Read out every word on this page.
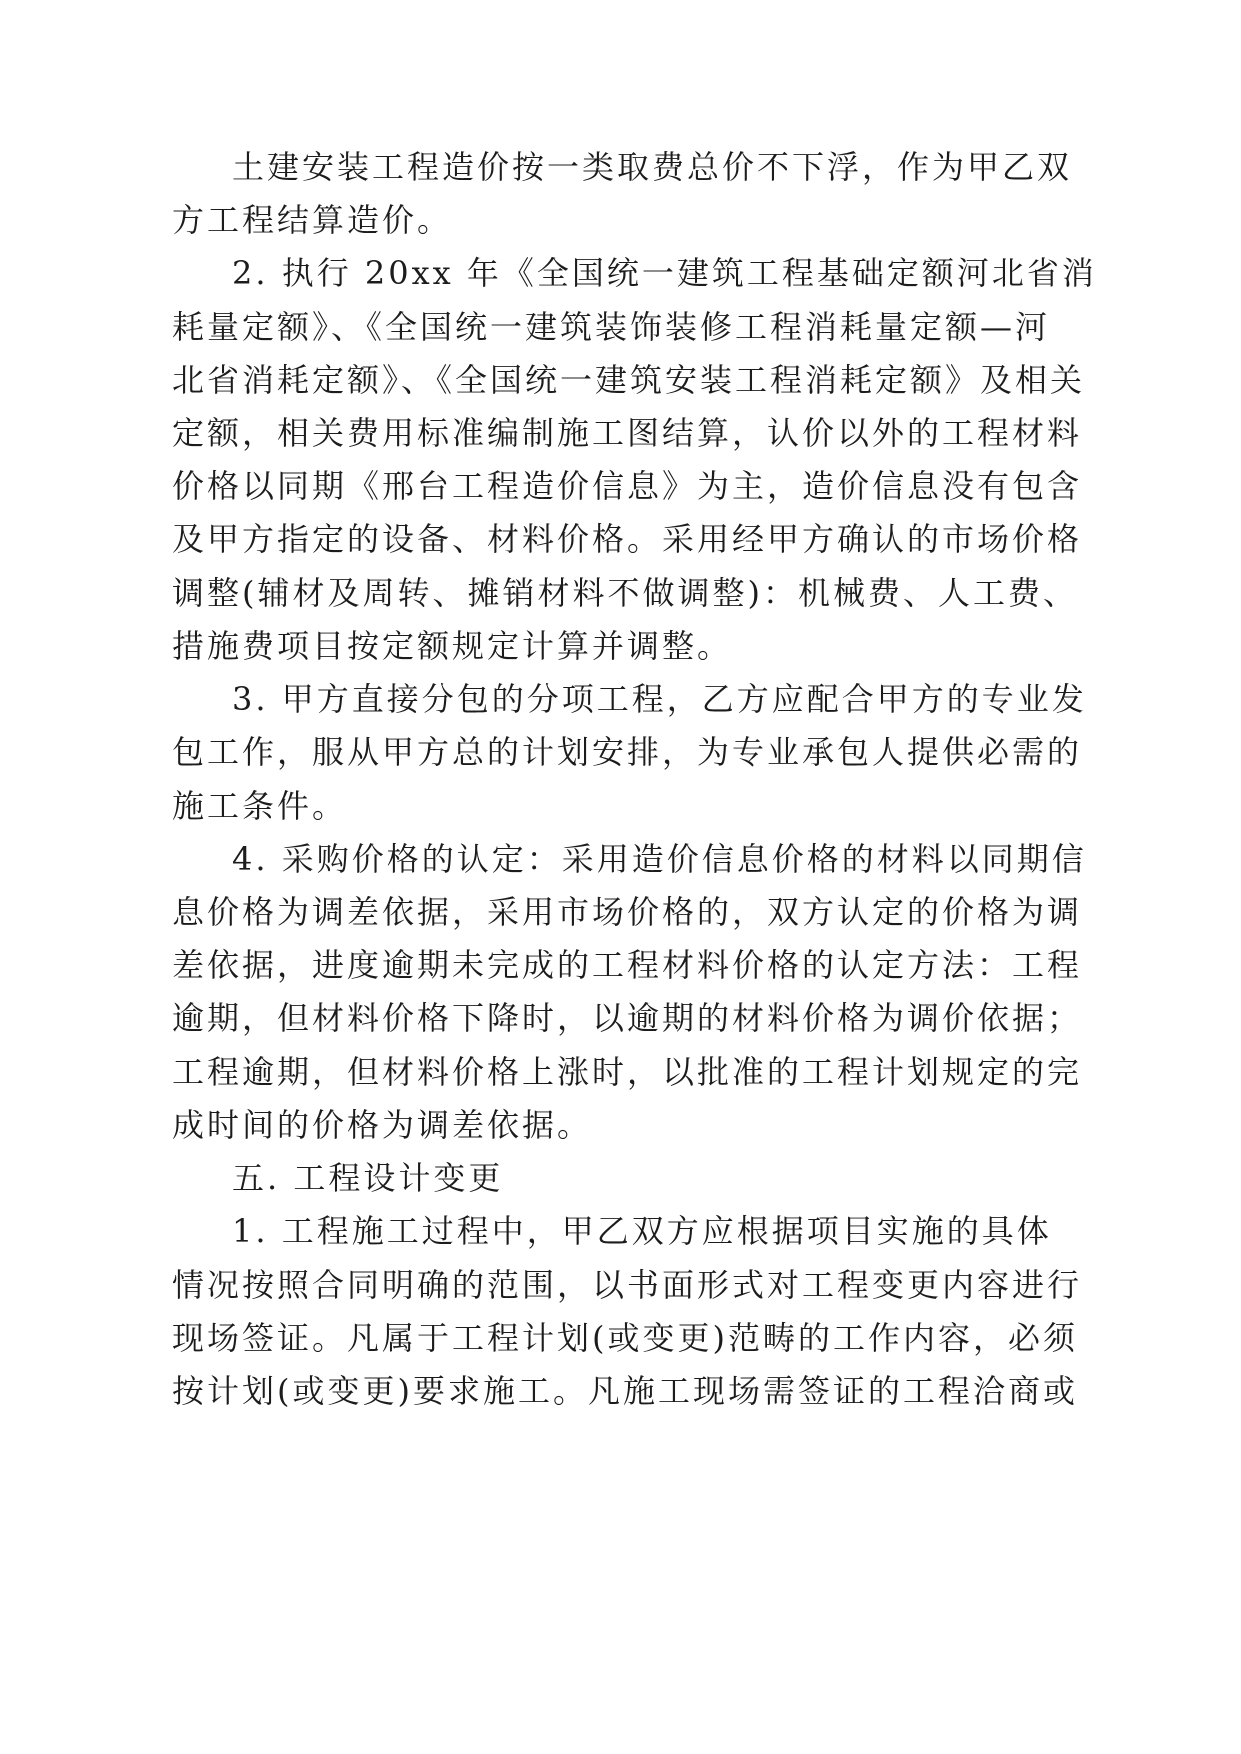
土建安装工程造价按一类取费总价不下浮，作为甲乙双

方工程结算造价。

2. 执行 20xx 年《全国统一建筑工程基础定额河北省消

耗量定额》、《全国统一建筑装饰装修工程消耗量定额—河

北省消耗定额》、《全国统一建筑安装工程消耗定额》及相关

定额，相关费用标准编制施工图结算，认价以外的工程材料

价格以同期《邢台工程造价信息》为主，造价信息没有包含

及甲方指定的设备、材料价格。采用经甲方确认的市场价格

调整(辅材及周转、摊销材料不做调整)：机械费、人工费、

措施费项目按定额规定计算并调整。

3. 甲方直接分包的分项工程，乙方应配合甲方的专业发

包工作，服从甲方总的计划安排，为专业承包人提供必需的

施工条件。

4. 采购价格的认定：采用造价信息价格的材料以同期信

息价格为调差依据，采用市场价格的，双方认定的价格为调

差依据，进度逾期未完成的工程材料价格的认定方法：工程

逾期，但材料价格下降时，以逾期的材料价格为调价依据；

工程逾期，但材料价格上涨时，以批准的工程计划规定的完

成时间的价格为调差依据。

五. 工程设计变更

1. 工程施工过程中，甲乙双方应根据项目实施的具体

情况按照合同明确的范围，以书面形式对工程变更内容进行

现场签证。凡属于工程计划(或变更)范畴的工作内容，必须

按计划(或变更)要求施工。凡施工现场需签证的工程洽商或
